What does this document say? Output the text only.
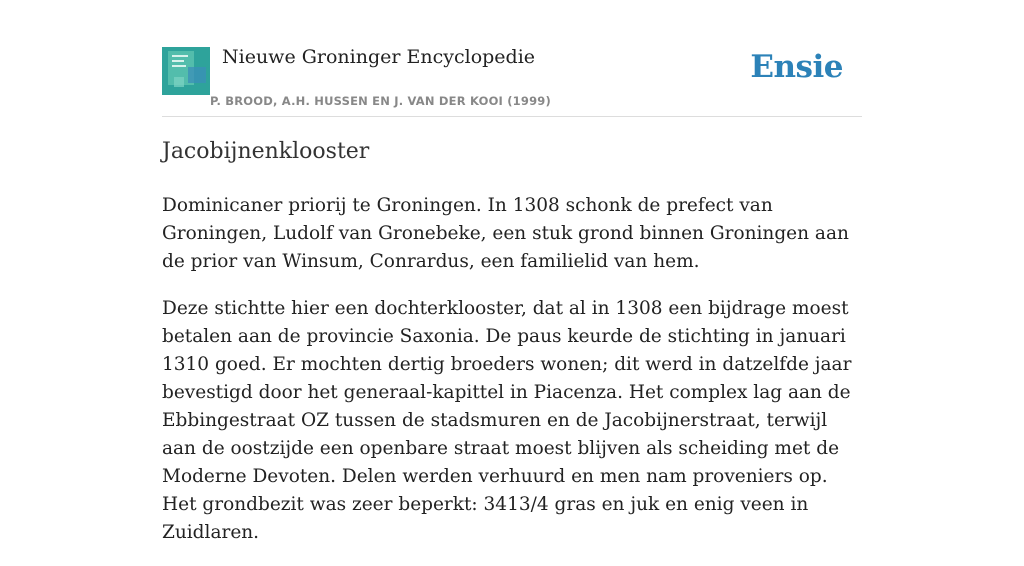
Nieuwe Groninger Encyclopedie
P. BROOD, A.H. HUSSEN EN J. VAN DER KOOI (1999)
Ensie
Jacobijnenklooster

Dominicaner priorij te Groningen. In 1308 schonk de prefect van Groningen, Ludolf van Gronebeke, een stuk grond binnen Groningen aan de prior van Winsum, Conrardus, een familielid van hem.

Deze stichtte hier een dochterklooster, dat al in 1308 een bijdrage moest betalen aan de provincie Saxonia. De paus keurde de stichting in januari 1310 goed. Er mochten dertig broeders wonen; dit werd in datzelfde jaar bevestigd door het generaal-kapittel in Piacenza. Het complex lag aan de Ebbingestraat OZ tussen de stadsmuren en de Jacobijnerstraat, terwijl aan de oostzijde een openbare straat moest blijven als scheiding met de Moderne Devoten. Delen werden verhuurd en men nam proveniers op. Het grondbezit was zeer beperkt: 3413/4 gras en juk en enig veen in Zuidlaren.
